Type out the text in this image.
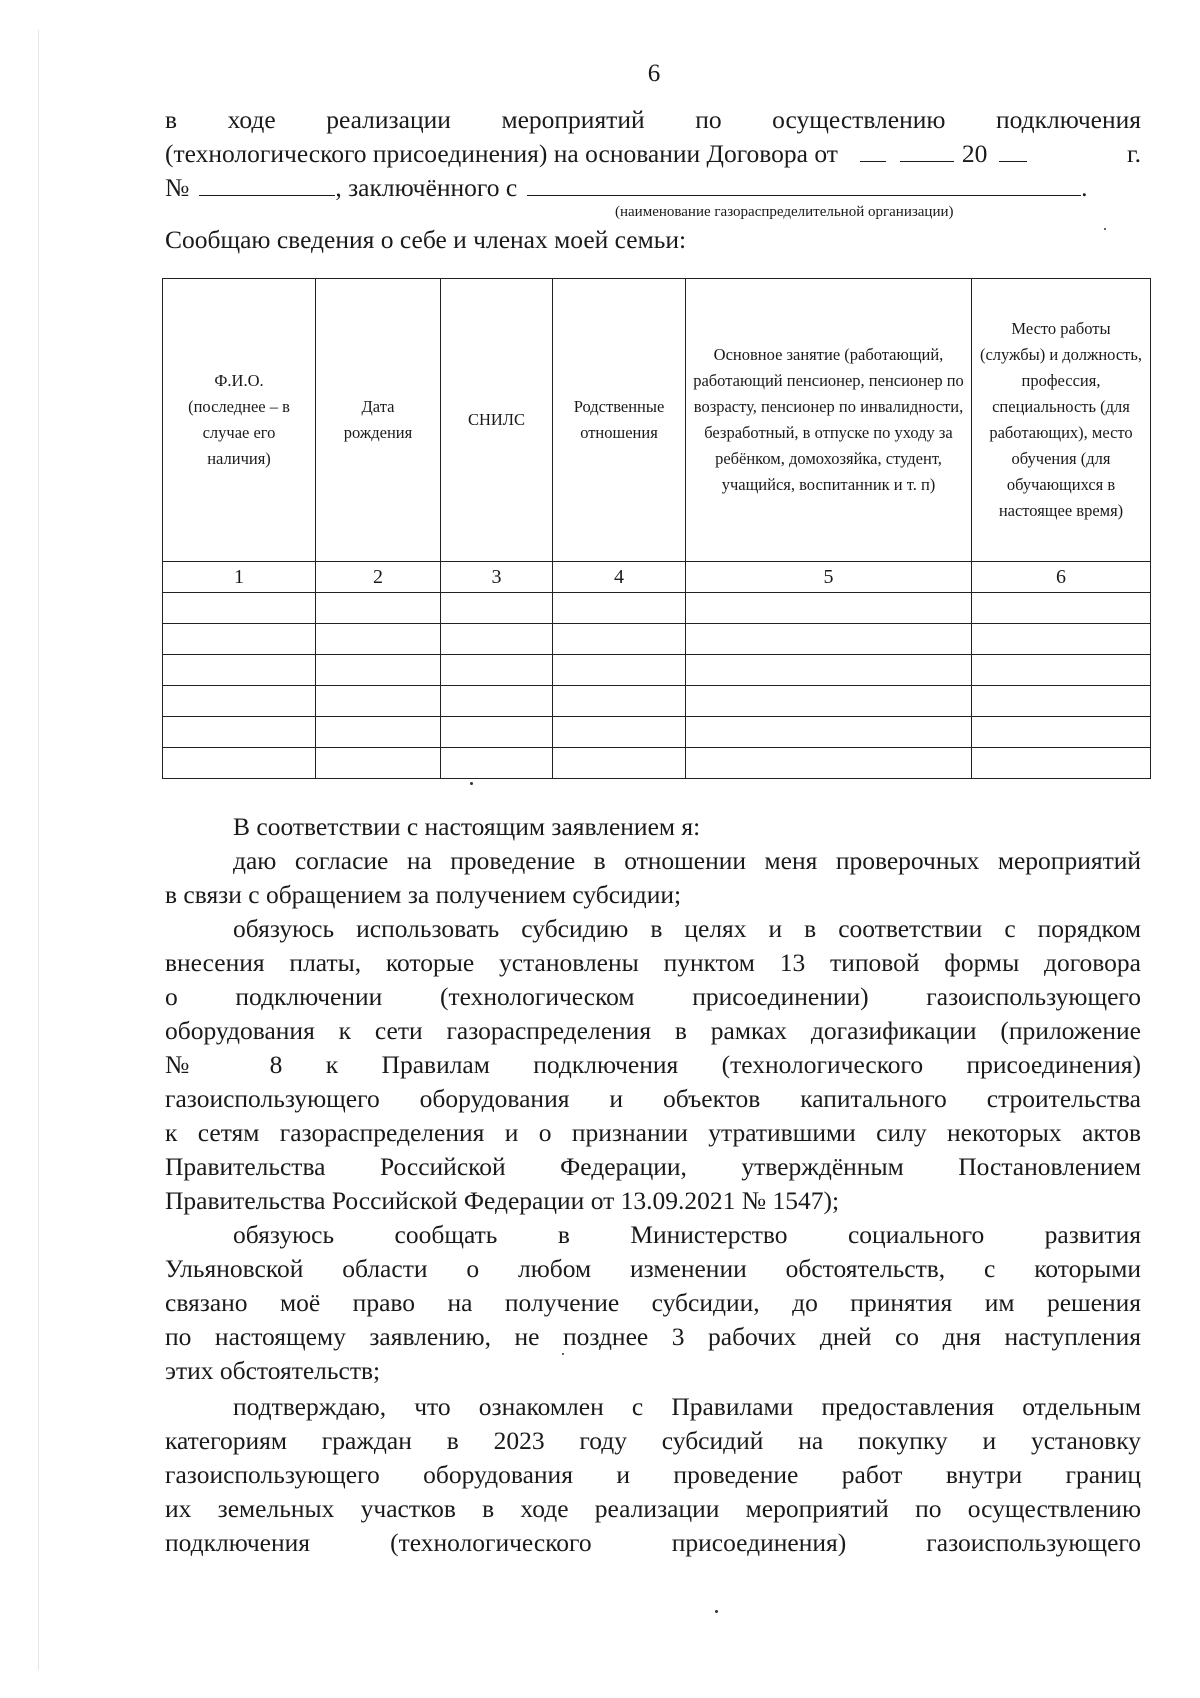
6
в ходе реализации мероприятий по осуществлению подключения
(технологического присоединения) на основании Договора от	20	г.
№	, заключённого с	.
(наименование газораспределительной организации)
Сообщаю сведения о себе и членах моей семьи:
Ф.И.О. (последнее – в случае его наличия)	Дата рождения	СНИЛС	Родственные отношения	Основное занятие (работающий, работающий пенсионер, пенсионер по возрасту, пенсионер по инвалидности, безработный, в отпуске по уходу за ребёнком, домохозяйка, студент, учащийся, воспитанник и т. п)	Место работы (службы) и должность, профессия, специальность (для работающих), место обучения (для обучающихся в настоящее время)
1	2	3	4	5	6

В соответствии с настоящим заявлением я:
даю согласие на проведение в отношении меня проверочных мероприятий
в связи с обращением за получением субсидии;
обязуюсь использовать субсидию в целях и в соответствии с порядком
внесения платы, которые установлены пунктом 13 типовой формы договора
о подключении (технологическом присоединении) газоиспользующего
оборудования к сети газораспределения в рамках догазификации (приложение
№ 8 к Правилам подключения (технологического присоединения)
газоиспользующего оборудования и объектов капитального строительства
к сетям газораспределения и о признании утратившими силу некоторых актов
Правительства Российской Федерации, утверждённым Постановлением
Правительства Российской Федерации от 13.09.2021 № 1547);
обязуюсь сообщать в Министерство социального развития
Ульяновской области о любом изменении обстоятельств, с которыми
связано моё право на получение субсидии, до принятия им решения
по настоящему заявлению, не позднее 3 рабочих дней со дня наступления
этих обстоятельств;
подтверждаю, что ознакомлен с Правилами предоставления отдельным
категориям граждан в 2023 году субсидий на покупку и установку
газоиспользующего оборудования и проведение работ внутри границ
их земельных участков в ходе реализации мероприятий по осуществлению
подключения (технологического присоединения) газоиспользующего
